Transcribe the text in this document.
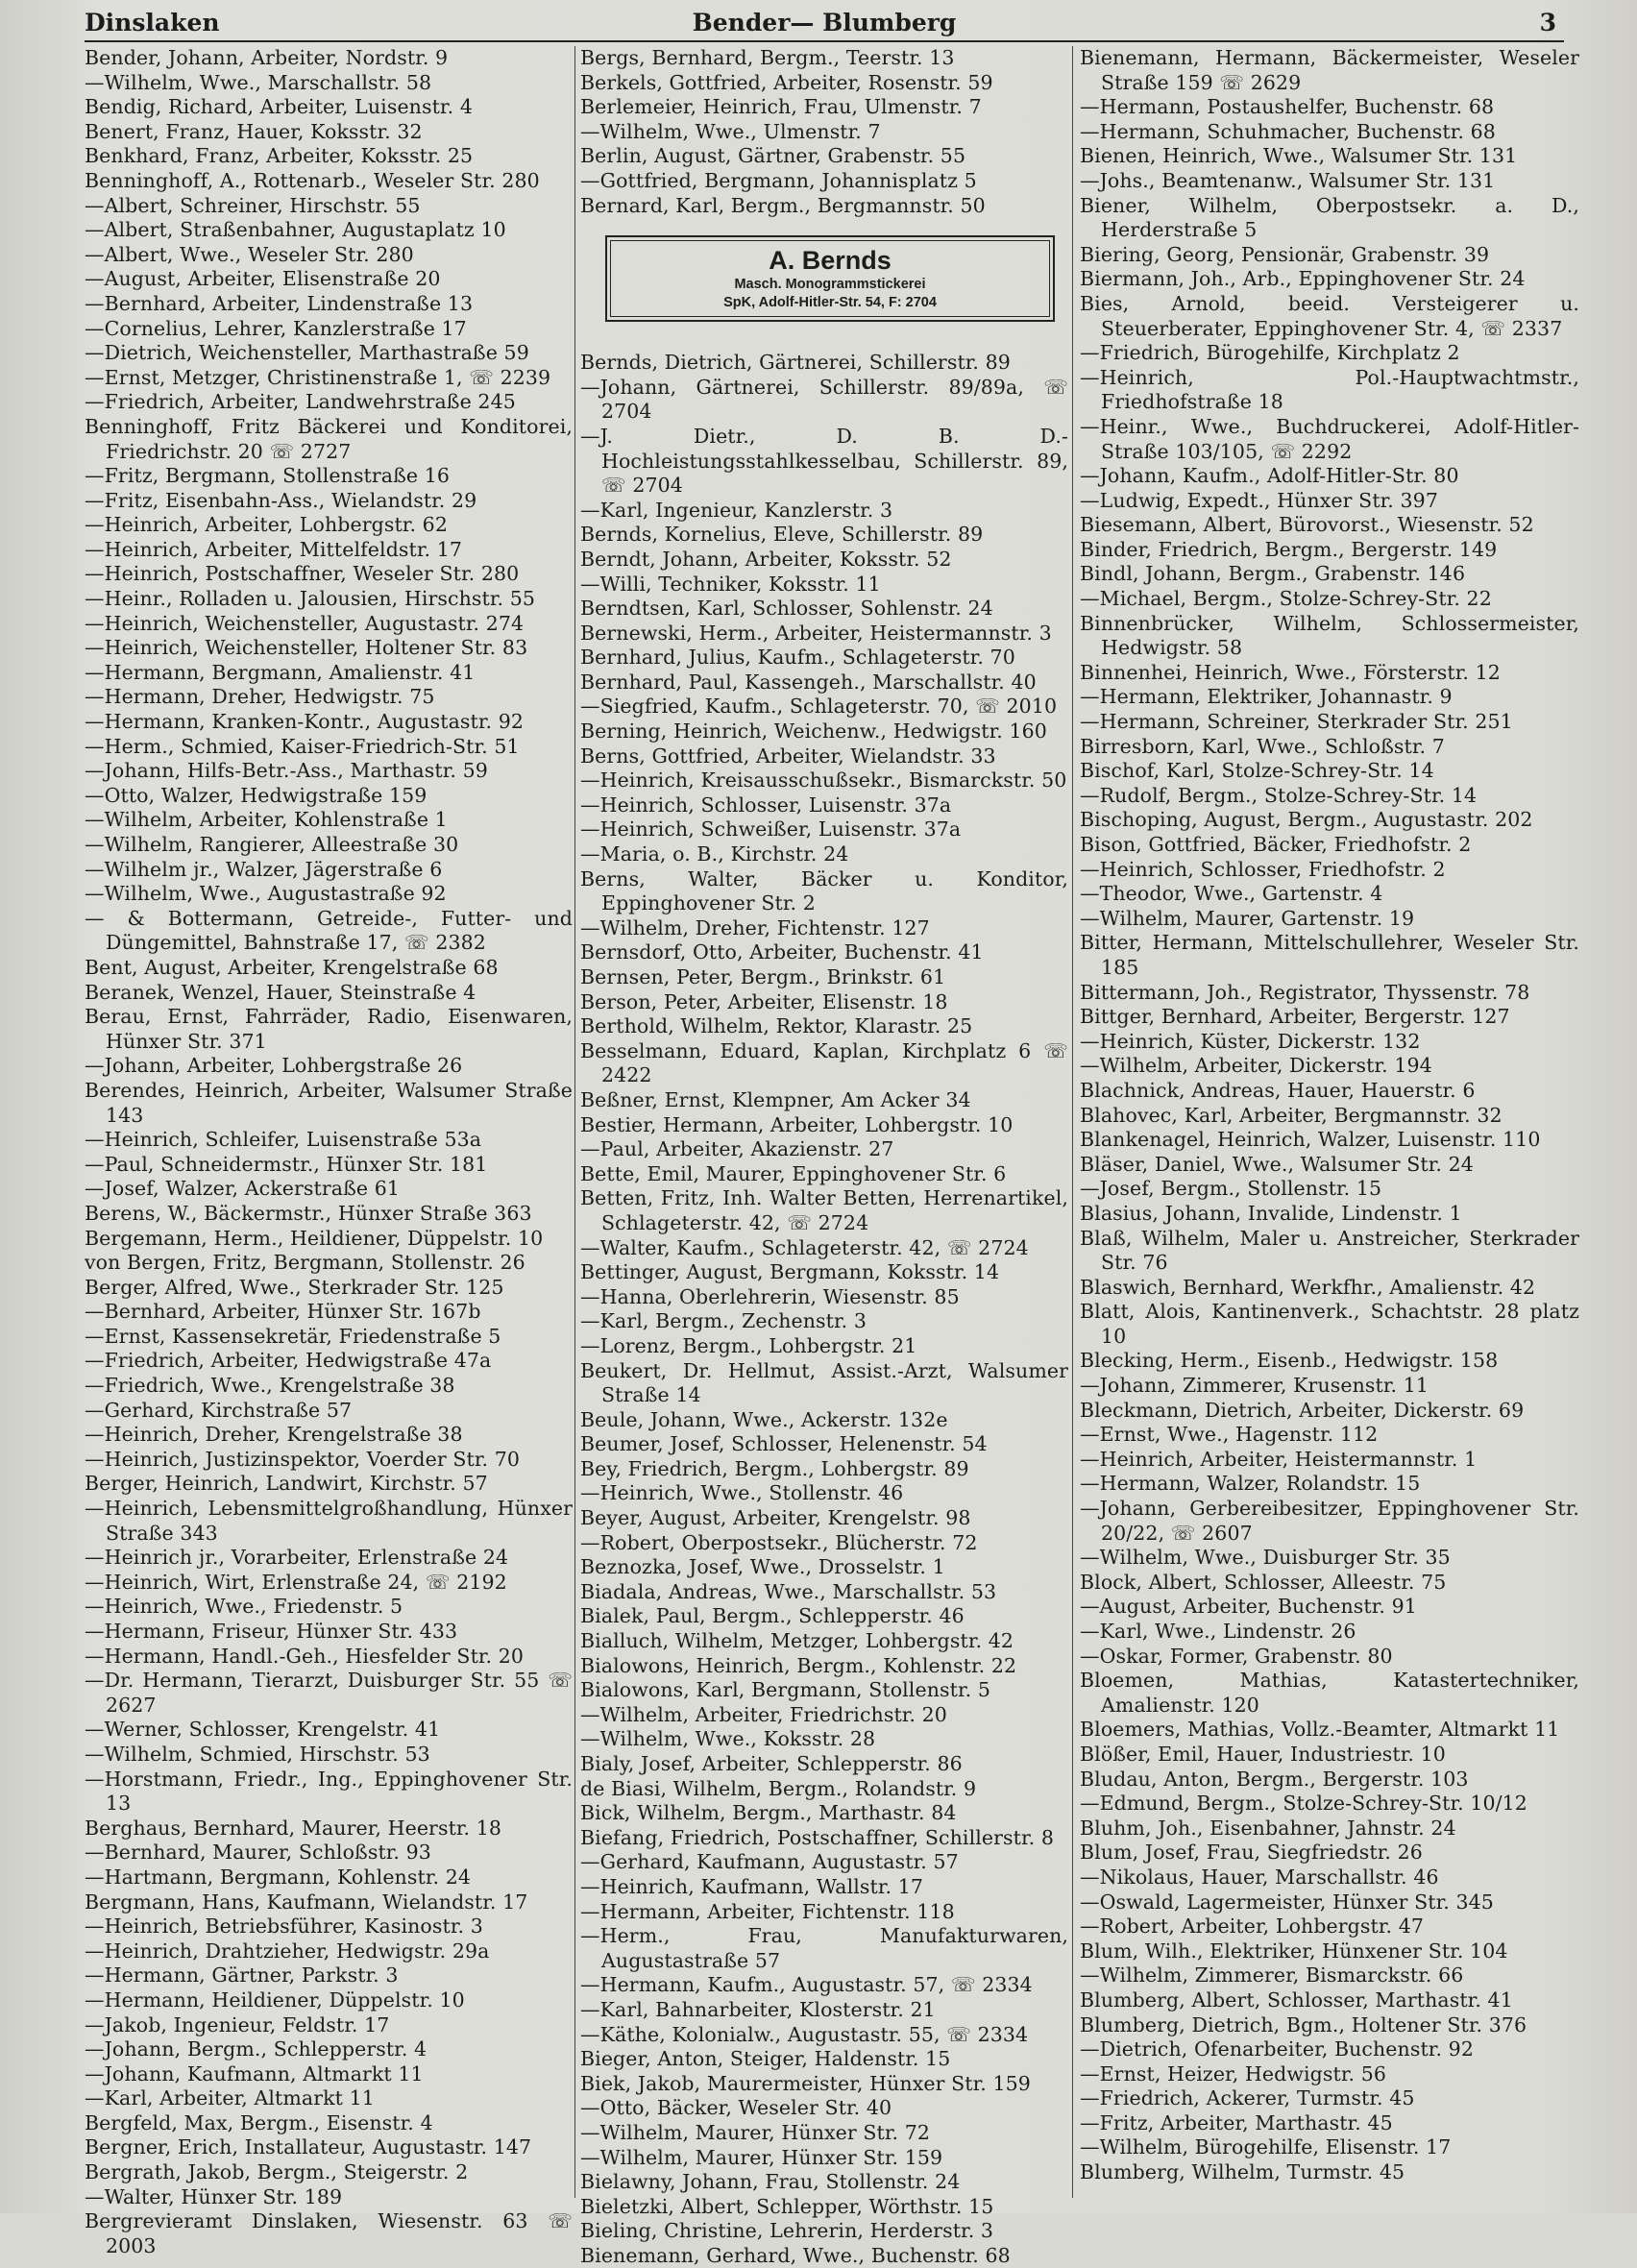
Dinslaken	Bender— Blumberg	3
Bender, Johann, Arbeiter, Nordstr. 9
—Wilhelm, Wwe., Marschallstr. 58
Bendig, Richard, Arbeiter, Luisenstr. 4
Benert, Franz, Hauer, Koksstr. 32
Benkhard, Franz, Arbeiter, Koksstr. 25
Benninghoff, A., Rottenarb., Weseler Str. 280
—Albert, Schreiner, Hirschstr. 55
—Albert, Straßenbahner, Augustaplatz 10
—Albert, Wwe., Weseler Str. 280
—August, Arbeiter, Elisenstraße 20
—Bernhard, Arbeiter, Lindenstraße 13
—Cornelius, Lehrer, Kanzlerstraße 17
—Dietrich, Weichensteller, Marthastraße 59
—Ernst, Metzger, Christinenstraße 1, ☏ 2239
—Friedrich, Arbeiter, Landwehrstraße 245
Benninghoff, Fritz Bäckerei und Konditorei, Friedrichstr. 20 ☏ 2727
—Fritz, Bergmann, Stollenstraße 16
—Fritz, Eisenbahn-Ass., Wielandstr. 29
—Heinrich, Arbeiter, Lohbergstr. 62
—Heinrich, Arbeiter, Mittelfeldstr. 17
—Heinrich, Postschaffner, Weseler Str. 280
—Heinr., Rolladen u. Jalousien, Hirschstr. 55
—Heinrich, Weichensteller, Augustastr. 274
—Heinrich, Weichensteller, Holtener Str. 83
—Hermann, Bergmann, Amalienstr. 41
—Hermann, Dreher, Hedwigstr. 75
—Hermann, Kranken-Kontr., Augustastr. 92
—Herm., Schmied, Kaiser-Friedrich-Str. 51
—Johann, Hilfs-Betr.-Ass., Marthastr. 59
—Otto, Walzer, Hedwigstraße 159
—Wilhelm, Arbeiter, Kohlenstraße 1
—Wilhelm, Rangierer, Alleestraße 30
—Wilhelm jr., Walzer, Jägerstraße 6
—Wilhelm, Wwe., Augustastraße 92
— & Bottermann, Getreide-, Futter- und Düngemittel, Bahnstraße 17, ☏ 2382
Bent, August, Arbeiter, Krengelstraße 68
Beranek, Wenzel, Hauer, Steinstraße 4
Berau, Ernst, Fahrräder, Radio, Eisenwaren, Hünxer Str. 371
—Johann, Arbeiter, Lohbergstraße 26
Berendes, Heinrich, Arbeiter, Walsumer Straße 143
—Heinrich, Schleifer, Luisenstraße 53a
—Paul, Schneidermstr., Hünxer Str. 181
—Josef, Walzer, Ackerstraße 61
Berens, W., Bäckermstr., Hünxer Straße 363
Bergemann, Herm., Heildiener, Düppelstr. 10
von Bergen, Fritz, Bergmann, Stollenstr. 26
Berger, Alfred, Wwe., Sterkrader Str. 125
—Bernhard, Arbeiter, Hünxer Str. 167b
—Ernst, Kassensekretär, Friedenstraße 5
—Friedrich, Arbeiter, Hedwigstraße 47a
—Friedrich, Wwe., Krengelstraße 38
—Gerhard, Kirchstraße 57
—Heinrich, Dreher, Krengelstraße 38
—Heinrich, Justizinspektor, Voerder Str. 70
Berger, Heinrich, Landwirt, Kirchstr. 57
—Heinrich, Lebensmittelgroßhandlung, Hünxer Straße 343
—Heinrich jr., Vorarbeiter, Erlenstraße 24
—Heinrich, Wirt, Erlenstraße 24, ☏ 2192
—Heinrich, Wwe., Friedenstr. 5
—Hermann, Friseur, Hünxer Str. 433
—Hermann, Handl.-Geh., Hiesfelder Str. 20
—Dr. Hermann, Tierarzt, Duisburger Str. 55 ☏ 2627
—Werner, Schlosser, Krengelstr. 41
—Wilhelm, Schmied, Hirschstr. 53
—Horstmann, Friedr., Ing., Eppinghovener Str. 13
Berghaus, Bernhard, Maurer, Heerstr. 18
—Bernhard, Maurer, Schloßstr. 93
—Hartmann, Bergmann, Kohlenstr. 24
Bergmann, Hans, Kaufmann, Wielandstr. 17
—Heinrich, Betriebsführer, Kasinostr. 3
—Heinrich, Drahtzieher, Hedwigstr. 29a
—Hermann, Gärtner, Parkstr. 3
—Hermann, Heildiener, Düppelstr. 10
—Jakob, Ingenieur, Feldstr. 17
—Johann, Bergm., Schlepperstr. 4
—Johann, Kaufmann, Altmarkt 11
—Karl, Arbeiter, Altmarkt 11
Bergfeld, Max, Bergm., Eisenstr. 4
Bergner, Erich, Installateur, Augustastr. 147
Bergrath, Jakob, Bergm., Steigerstr. 2
—Walter, Hünxer Str. 189
Bergrevieramt Dinslaken, Wiesenstr. 63 ☏ 2003
Bergs, Bernhard, Bergm., Teerstr. 13
Berkels, Gottfried, Arbeiter, Rosenstr. 59
Berlemeier, Heinrich, Frau, Ulmenstr. 7
—Wilhelm, Wwe., Ulmenstr. 7
Berlin, August, Gärtner, Grabenstr. 55
—Gottfried, Bergmann, Johannisplatz 5
Bernard, Karl, Bergm., Bergmannstr. 50
A. Bernds
Masch. Monogrammstickerei
SpK, Adolf-Hitler-Str. 54, F: 2704
Bernds, Dietrich, Gärtnerei, Schillerstr. 89
—Johann, Gärtnerei, Schillerstr. 89/89a, ☏ 2704
—J. Dietr., D. B. D.-Hochleistungsstahlkesselbau, Schillerstr. 89, ☏ 2704
—Karl, Ingenieur, Kanzlerstr. 3
Bernds, Kornelius, Eleve, Schillerstr. 89
Berndt, Johann, Arbeiter, Koksstr. 52
—Willi, Techniker, Koksstr. 11
Berndtsen, Karl, Schlosser, Sohlenstr. 24
Bernewski, Herm., Arbeiter, Heistermannstr. 3
Bernhard, Julius, Kaufm., Schlageterstr. 70
Bernhard, Paul, Kassengeh., Marschallstr. 40
—Siegfried, Kaufm., Schlageterstr. 70, ☏ 2010
Berning, Heinrich, Weichenw., Hedwigstr. 160
Berns, Gottfried, Arbeiter, Wielandstr. 33
—Heinrich, Kreisausschußsekr., Bismarckstr. 50
—Heinrich, Schlosser, Luisenstr. 37a
—Heinrich, Schweißer, Luisenstr. 37a
—Maria, o. B., Kirchstr. 24
Berns, Walter, Bäcker u. Konditor, Eppinghovener Str. 2
—Wilhelm, Dreher, Fichtenstr. 127
Bernsdorf, Otto, Arbeiter, Buchenstr. 41
Bernsen, Peter, Bergm., Brinkstr. 61
Berson, Peter, Arbeiter, Elisenstr. 18
Berthold, Wilhelm, Rektor, Klarastr. 25
Besselmann, Eduard, Kaplan, Kirchplatz 6 ☏ 2422
Beßner, Ernst, Klempner, Am Acker 34
Bestier, Hermann, Arbeiter, Lohbergstr. 10
—Paul, Arbeiter, Akazienstr. 27
Bette, Emil, Maurer, Eppinghovener Str. 6
Betten, Fritz, Inh. Walter Betten, Herrenartikel, Schlageterstr. 42, ☏ 2724
—Walter, Kaufm., Schlageterstr. 42, ☏ 2724
Bettinger, August, Bergmann, Koksstr. 14
—Hanna, Oberlehrerin, Wiesenstr. 85
—Karl, Bergm., Zechenstr. 3
—Lorenz, Bergm., Lohbergstr. 21
Beukert, Dr. Hellmut, Assist.-Arzt, Walsumer Straße 14
Beule, Johann, Wwe., Ackerstr. 132e
Beumer, Josef, Schlosser, Helenenstr. 54
Bey, Friedrich, Bergm., Lohbergstr. 89
—Heinrich, Wwe., Stollenstr. 46
Beyer, August, Arbeiter, Krengelstr. 98
—Robert, Oberpostsekr., Blücherstr. 72
Beznozka, Josef, Wwe., Drosselstr. 1
Biadala, Andreas, Wwe., Marschallstr. 53
Bialek, Paul, Bergm., Schlepperstr. 46
Bialluch, Wilhelm, Metzger, Lohbergstr. 42
Bialowons, Heinrich, Bergm., Kohlenstr. 22
Bialowons, Karl, Bergmann, Stollenstr. 5
—Wilhelm, Arbeiter, Friedrichstr. 20
—Wilhelm, Wwe., Koksstr. 28
Bialy, Josef, Arbeiter, Schlepperstr. 86
de Biasi, Wilhelm, Bergm., Rolandstr. 9
Bick, Wilhelm, Bergm., Marthastr. 84
Biefang, Friedrich, Postschaffner, Schillerstr. 8
—Gerhard, Kaufmann, Augustastr. 57
—Heinrich, Kaufmann, Wallstr. 17
—Hermann, Arbeiter, Fichtenstr. 118
—Herm., Frau, Manufakturwaren, Augustastraße 57
—Hermann, Kaufm., Augustastr. 57, ☏ 2334
—Karl, Bahnarbeiter, Klosterstr. 21
—Käthe, Kolonialw., Augustastr. 55, ☏ 2334
Bieger, Anton, Steiger, Haldenstr. 15
Biek, Jakob, Maurermeister, Hünxer Str. 159
—Otto, Bäcker, Weseler Str. 40
—Wilhelm, Maurer, Hünxer Str. 72
—Wilhelm, Maurer, Hünxer Str. 159
Bielawny, Johann, Frau, Stollenstr. 24
Bieletzki, Albert, Schlepper, Wörthstr. 15
Bieling, Christine, Lehrerin, Herderstr. 3
Bienemann, Gerhard, Wwe., Buchenstr. 68
Bienemann, Hermann, Bäckermeister, Weseler Straße 159 ☏ 2629
—Hermann, Postaushelfer, Buchenstr. 68
—Hermann, Schuhmacher, Buchenstr. 68
Bienen, Heinrich, Wwe., Walsumer Str. 131
—Johs., Beamtenanw., Walsumer Str. 131
Biener, Wilhelm, Oberpostsekr. a. D., Herderstraße 5
Biering, Georg, Pensionär, Grabenstr. 39
Biermann, Joh., Arb., Eppinghovener Str. 24
Bies, Arnold, beeid. Versteigerer u. Steuerberater, Eppinghovener Str. 4, ☏ 2337
—Friedrich, Bürogehilfe, Kirchplatz 2
—Heinrich, Pol.-Hauptwachtmstr., Friedhofstraße 18
—Heinr., Wwe., Buchdruckerei, Adolf-Hitler-Straße 103/105, ☏ 2292
—Johann, Kaufm., Adolf-Hitler-Str. 80
—Ludwig, Expedt., Hünxer Str. 397
Biesemann, Albert, Bürovorst., Wiesenstr. 52
Binder, Friedrich, Bergm., Bergerstr. 149
Bindl, Johann, Bergm., Grabenstr. 146
—Michael, Bergm., Stolze-Schrey-Str. 22
Binnenbrücker, Wilhelm, Schlossermeister, Hedwigstr. 58
Binnenhei, Heinrich, Wwe., Försterstr. 12
—Hermann, Elektriker, Johannastr. 9
—Hermann, Schreiner, Sterkrader Str. 251
Birresborn, Karl, Wwe., Schloßstr. 7
Bischof, Karl, Stolze-Schrey-Str. 14
—Rudolf, Bergm., Stolze-Schrey-Str. 14
Bischoping, August, Bergm., Augustastr. 202
Bison, Gottfried, Bäcker, Friedhofstr. 2
—Heinrich, Schlosser, Friedhofstr. 2
—Theodor, Wwe., Gartenstr. 4
—Wilhelm, Maurer, Gartenstr. 19
Bitter, Hermann, Mittelschullehrer, Weseler Str. 185
Bittermann, Joh., Registrator, Thyssenstr. 78
Bittger, Bernhard, Arbeiter, Bergerstr. 127
—Heinrich, Küster, Dickerstr. 132
—Wilhelm, Arbeiter, Dickerstr. 194
Blachnick, Andreas, Hauer, Hauerstr. 6
Blahovec, Karl, Arbeiter, Bergmannstr. 32
Blankenagel, Heinrich, Walzer, Luisenstr. 110
Bläser, Daniel, Wwe., Walsumer Str. 24
—Josef, Bergm., Stollenstr. 15
Blasius, Johann, Invalide, Lindenstr. 1
Blaß, Wilhelm, Maler u. Anstreicher, Sterkrader Str. 76
Blaswich, Bernhard, Werkfhr., Amalienstr. 42
Blatt, Alois, Kantinenverk., Schachtstr. 28 platz 10
Blecking, Herm., Eisenb., Hedwigstr. 158
—Johann, Zimmerer, Krusenstr. 11
Bleckmann, Dietrich, Arbeiter, Dickerstr. 69
—Ernst, Wwe., Hagenstr. 112
—Heinrich, Arbeiter, Heistermannstr. 1
—Hermann, Walzer, Rolandstr. 15
—Johann, Gerbereibesitzer, Eppinghovener Str. 20/22, ☏ 2607
—Wilhelm, Wwe., Duisburger Str. 35
Block, Albert, Schlosser, Alleestr. 75
—August, Arbeiter, Buchenstr. 91
—Karl, Wwe., Lindenstr. 26
—Oskar, Former, Grabenstr. 80
Bloemen, Mathias, Katastertechniker, Amalienstr. 120
Bloemers, Mathias, Vollz.-Beamter, Altmarkt 11
Blößer, Emil, Hauer, Industriestr. 10
Bludau, Anton, Bergm., Bergerstr. 103
—Edmund, Bergm., Stolze-Schrey-Str. 10/12
Bluhm, Joh., Eisenbahner, Jahnstr. 24
Blum, Josef, Frau, Siegfriedstr. 26
—Nikolaus, Hauer, Marschallstr. 46
—Oswald, Lagermeister, Hünxer Str. 345
—Robert, Arbeiter, Lohbergstr. 47
Blum, Wilh., Elektriker, Hünxener Str. 104
—Wilhelm, Zimmerer, Bismarckstr. 66
Blumberg, Albert, Schlosser, Marthastr. 41
Blumberg, Dietrich, Bgm., Holtener Str. 376
—Dietrich, Ofenarbeiter, Buchenstr. 92
—Ernst, Heizer, Hedwigstr. 56
—Friedrich, Ackerer, Turmstr. 45
—Fritz, Arbeiter, Marthastr. 45
—Wilhelm, Bürogehilfe, Elisenstr. 17
Blumberg, Wilhelm, Turmstr. 45
